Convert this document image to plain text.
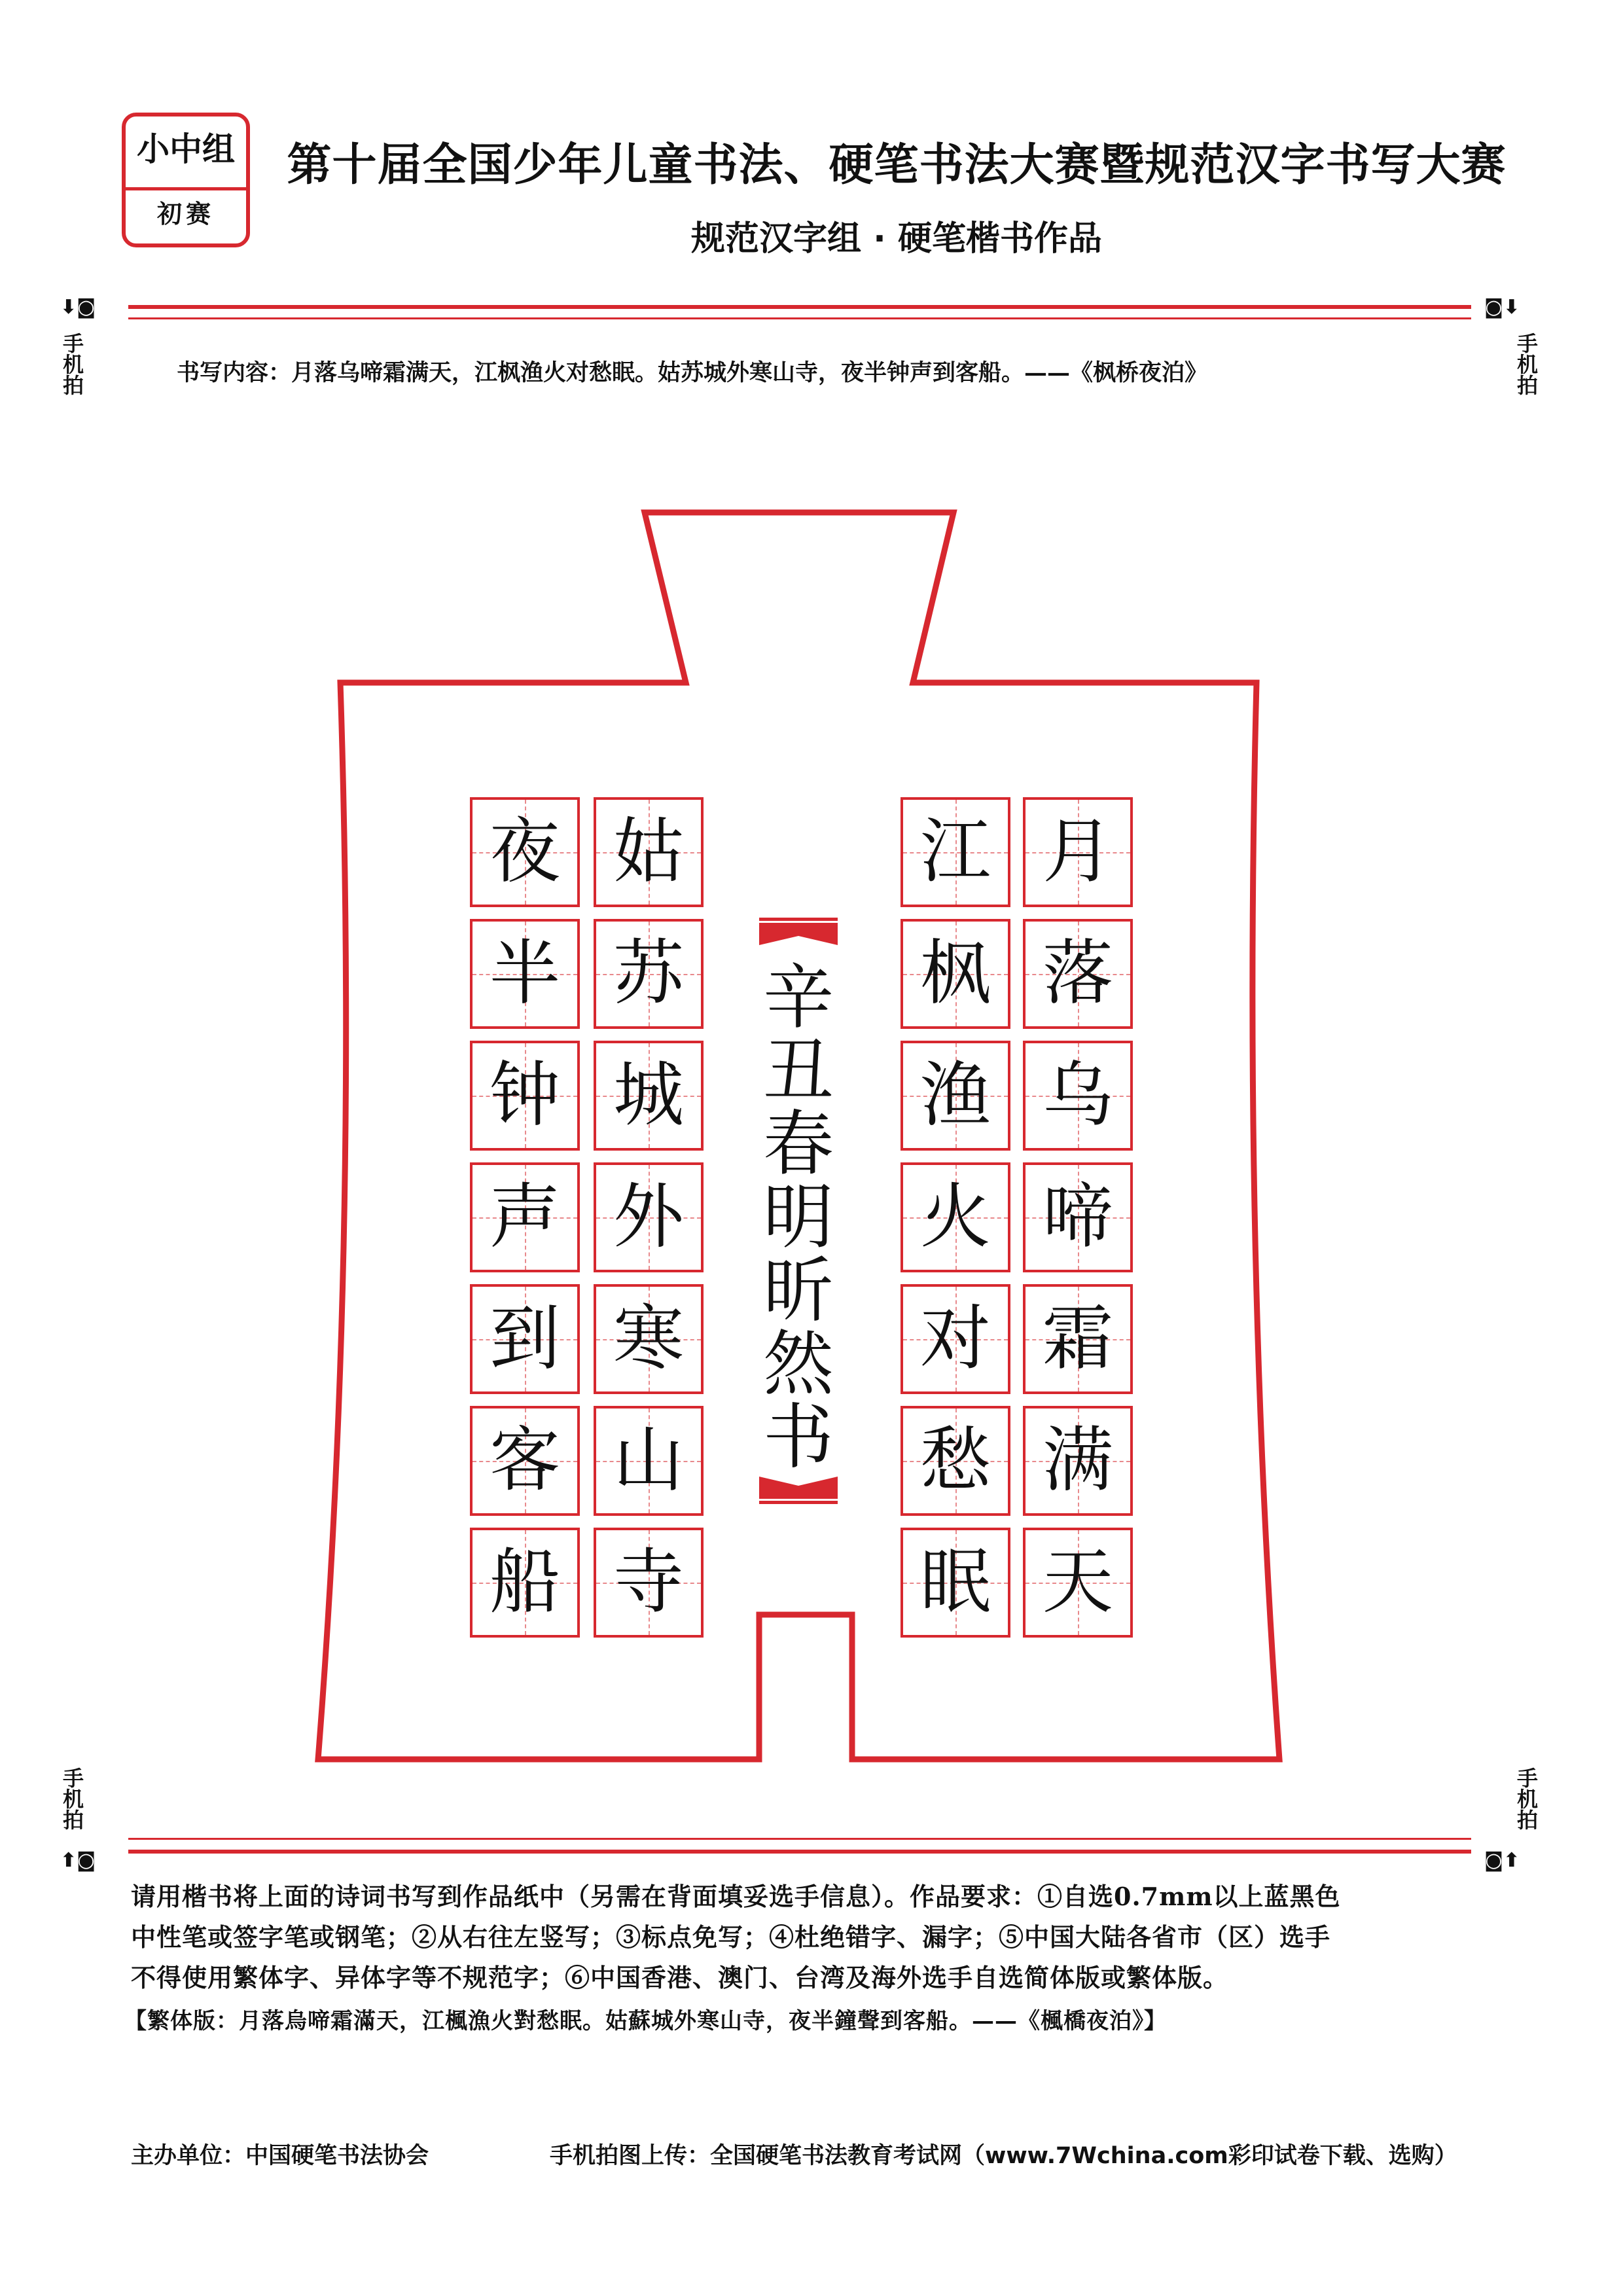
小中组
初赛
第十届全国少年儿童书法、硬笔书法大赛暨规范汉字书写大赛
规范汉字组 · 硬笔楷书作品
⬇◙	◙⬇
手机拍	手机拍
书写内容：月落乌啼霜满天，江枫渔火对愁眠。姑苏城外寒山寺，夜半钟声到客船。——《枫桥夜泊》
月
落
乌
啼
霜
满
天
江
枫
渔
火
对
愁
眠
姑
苏
城
外
寒
山
寺
夜
半
钟
声
到
客
船
辛
丑
春
明
昕
然
书
手机拍	手机拍
⬆◙	◙⬆
请用楷书将上面的诗词书写到作品纸中（另需在背面填妥选手信息）。作品要求：①自选0.7mm以上蓝黑色
中性笔或签字笔或钢笔；②从右往左竖写；③标点免写；④杜绝错字、漏字；⑤中国大陆各省市（区）选手
不得使用繁体字、异体字等不规范字；⑥中国香港、澳门、台湾及海外选手自选简体版或繁体版。
【繁体版：月落烏啼霜滿天，江楓漁火對愁眠。姑蘇城外寒山寺，夜半鐘聲到客船。——《楓橋夜泊》】
主办单位：中国硬笔书法协会	手机拍图上传：全国硬笔书法教育考试网（www.7Wchina.com彩印试卷下载、选购）
